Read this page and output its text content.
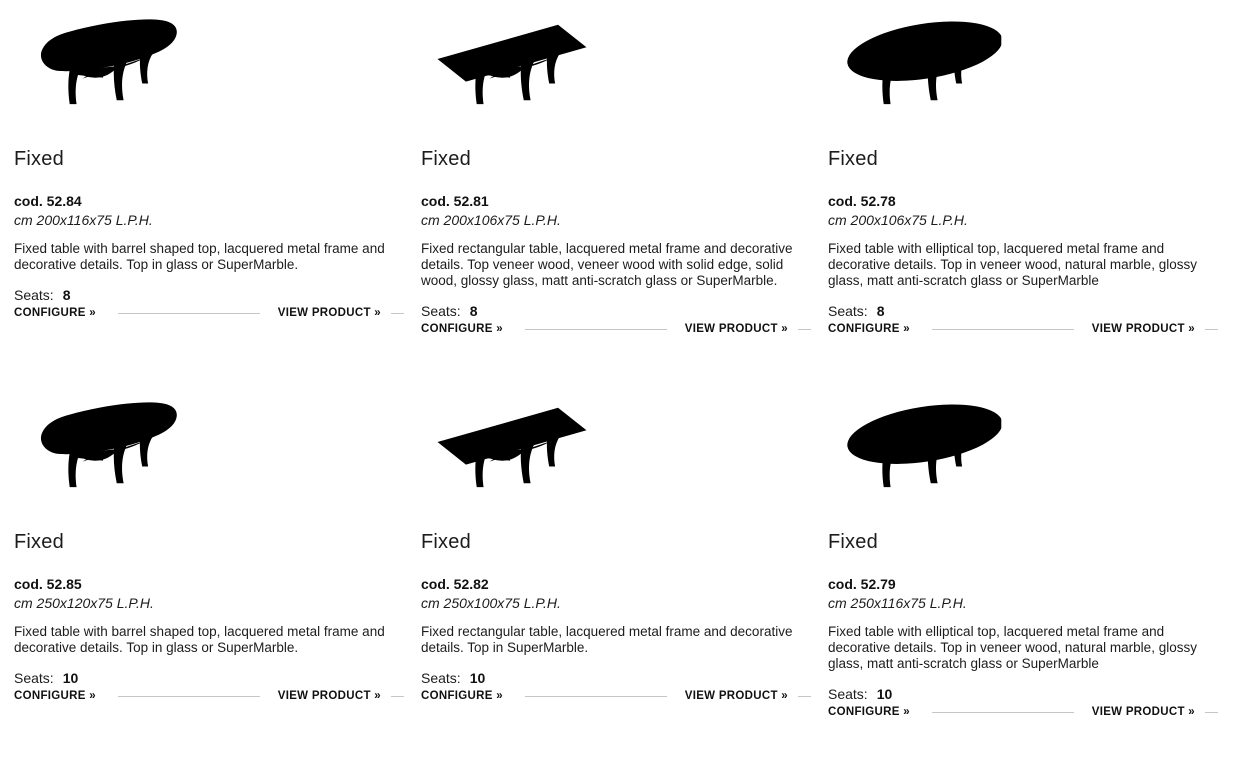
Fixed

cod. 52.84

cm 200x116x75 L.P.H.

Fixed table with barrel shaped top, lacquered metal frame and decorative details. Top in glass or SuperMarble.

Seats: 8

CONFIGURE »	VIEW PRODUCT »
Fixed

cod. 52.81

cm 200x106x75 L.P.H.

Fixed rectangular table, lacquered metal frame and decorative details. Top veneer wood, veneer wood with solid edge, solid wood, glossy glass, matt anti-scratch glass or SuperMarble.

Seats: 8

CONFIGURE »	VIEW PRODUCT »
Fixed

cod. 52.78

cm 200x106x75 L.P.H.

Fixed table with elliptical top, lacquered metal frame and decorative details. Top in veneer wood, natural marble, glossy glass, matt anti-scratch glass or SuperMarble

Seats: 8

CONFIGURE »	VIEW PRODUCT »
Fixed

cod. 52.85

cm 250x120x75 L.P.H.

Fixed table with barrel shaped top, lacquered metal frame and decorative details. Top in glass or SuperMarble.

Seats: 10

CONFIGURE »	VIEW PRODUCT »
Fixed

cod. 52.82

cm 250x100x75 L.P.H.

Fixed rectangular table, lacquered metal frame and decorative details. Top in SuperMarble.

Seats: 10

CONFIGURE »	VIEW PRODUCT »
Fixed

cod. 52.79

cm 250x116x75 L.P.H.

Fixed table with elliptical top, lacquered metal frame and decorative details. Top in veneer wood, natural marble, glossy glass, matt anti-scratch glass or SuperMarble

Seats: 10

CONFIGURE »	VIEW PRODUCT »
